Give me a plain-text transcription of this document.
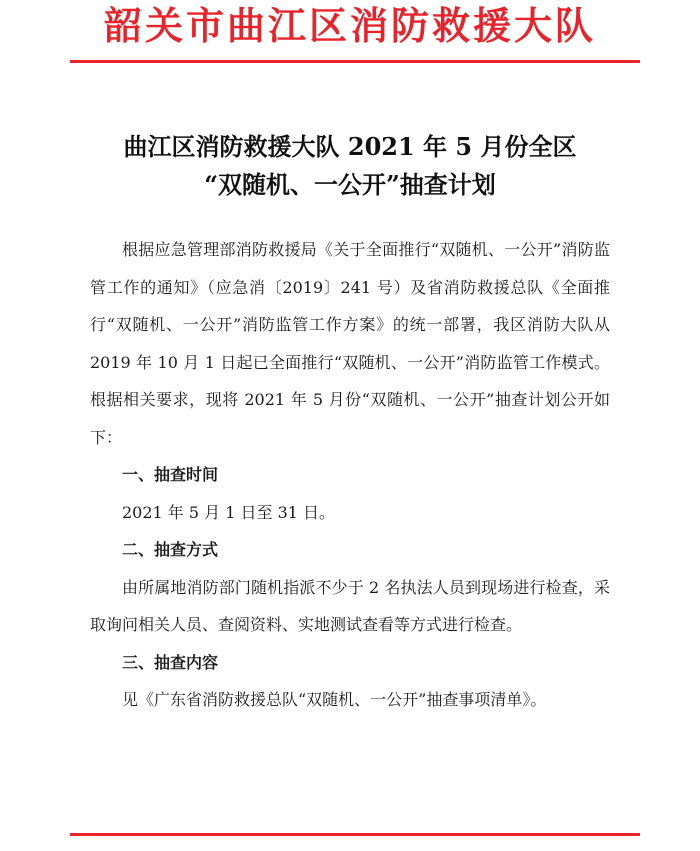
韶关市曲江区消防救援大队
曲江区消防救援大队 2021 年 5 月份全区
“双随机、一公开”抽查计划

根据应急管理部消防救援局《关于全面推行“双随机、一公开”消防监管工作的通知》（应急消〔2019〕241 号）及省消防救援总队《全面推行“双随机、一公开”消防监管工作方案》的统一部署，我区消防大队从 2019 年 10 月 1 日起已全面推行“双随机、一公开”消防监管工作模式。根据相关要求，现将 2021 年 5 月份“双随机、一公开”抽查计划公开如下：

一、抽查时间

2021 年 5 月 1 日至 31 日。

二、抽查方式

由所属地消防部门随机指派不少于 2 名执法人员到现场进行检查，采取询问相关人员、查阅资料、实地测试查看等方式进行检查。

三、抽查内容

见《广东省消防救援总队“双随机、一公开”抽查事项清单》。
